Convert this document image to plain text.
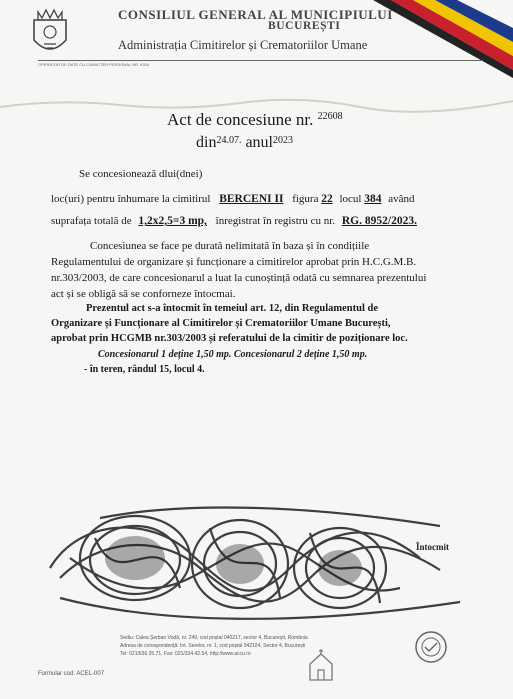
CONSILIUL GENERAL AL MUNICIPIULUI
BUCUREȘTI
Administrația Cimitirelor și Crematoriilor Umane
OPERATOR DE DATE CU CARACTER PERSONAL NR. 6330
Act de concesiune nr. $^{22608}$
din$^{24.07.}$ anul$^{2023}$
Se concesionează dlui(dnei)
loc(uri) pentru înhumare la cimitirul BERCENI II figura 22 locul 384 având
suprafața totală de 1,2x2,5=3 mp, înregistrat în registru cu nr. RG. 8952/2023.
Concesiunea se face pe durată nelimitată în baza și în condițiile
Regulamentului de organizare și funcționare a cimitirelor aprobat prin H.C.G.M.B.
nr.303/2003, de care concesionarul a luat la cunoștință odată cu semnarea prezentului
act și se obligă să se conforneze întocmai.
Prezentul act s-a întocmit în temeiul art. 12, din Regulamentul de
Organizare și Funcționare al Cimitirelor și Crematoriilor Umane București,
aprobat prin HCGMB nr.303/2003 și referatului de la cimitir de poziționare loc.
Concesionarul 1 deține 1,50 mp. Concesionarul 2 deține 1,50 mp.
- în teren, rândul 15, locul 4.
Întocmit
Sediu: Calea Șerban Vodă, nr. 249, cod poștal 040217, sector 4, București, România
Adresa de corespondență: Int. Serelor, nr. 1, cod poștal 042124, Sector 4, București
Tel: 021/636.35.71, Fax: 021/334.42.54, http://www.accu.ro
Formular cod: ACEL-007
